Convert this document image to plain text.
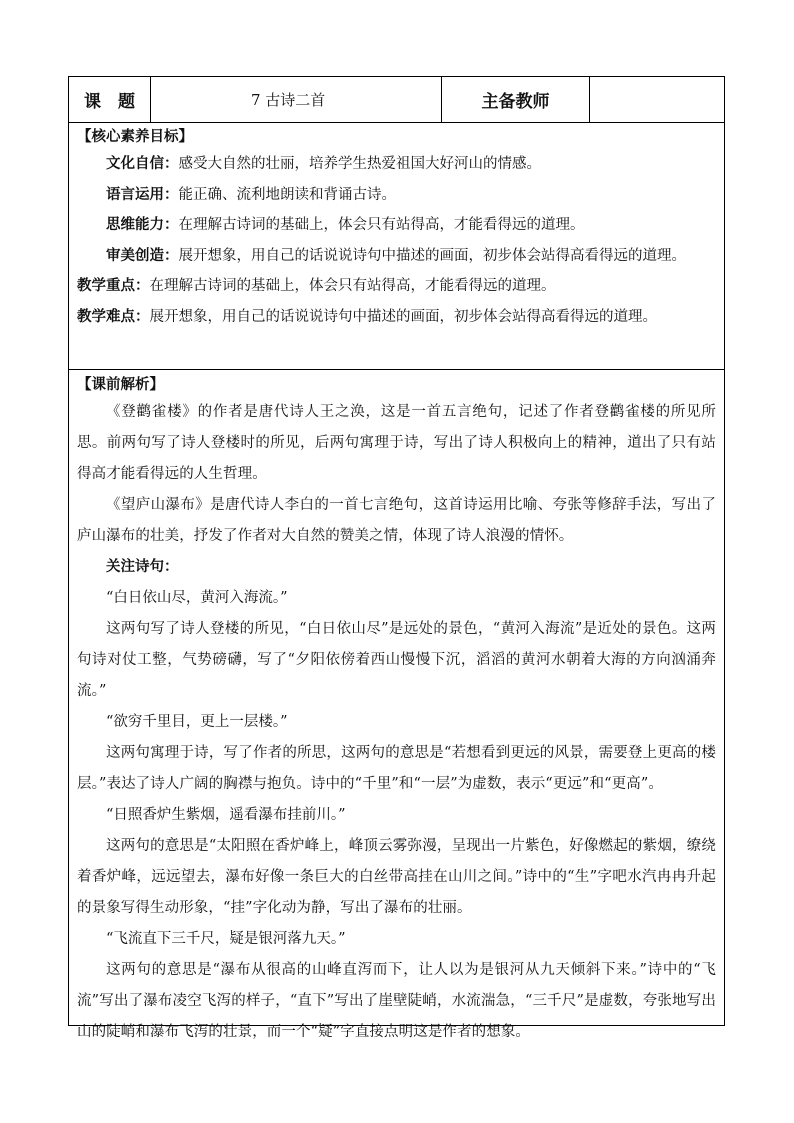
课　题	7 古诗二首	主备教师

【核心素养目标】

文化自信：感受大自然的壮丽，培养学生热爱祖国大好河山的情感。

语言运用：能正确、流利地朗读和背诵古诗。

思维能力：在理解古诗词的基础上，体会只有站得高，才能看得远的道理。

审美创造：展开想象，用自己的话说说诗句中描述的画面，初步体会站得高看得远的道理。

教学重点：在理解古诗词的基础上，体会只有站得高，才能看得远的道理。

教学难点：展开想象，用自己的话说说诗句中描述的画面，初步体会站得高看得远的道理。

【课前解析】

《登鹳雀楼》的作者是唐代诗人王之涣，这是一首五言绝句，记述了作者登鹳雀楼的所见所思。前两句写了诗人登楼时的所见，后两句寓理于诗，写出了诗人积极向上的精神，道出了只有站得高才能看得远的人生哲理。

《望庐山瀑布》是唐代诗人李白的一首七言绝句，这首诗运用比喻、夸张等修辞手法，写出了庐山瀑布的壮美，抒发了作者对大自然的赞美之情，体现了诗人浪漫的情怀。

关注诗句：

“白日依山尽，黄河入海流。”

这两句写了诗人登楼的所见，“白日依山尽”是远处的景色，“黄河入海流”是近处的景色。这两句诗对仗工整，气势磅礴，写了“夕阳依傍着西山慢慢下沉，滔滔的黄河水朝着大海的方向汹涌奔流。”

“欲穷千里目，更上一层楼。”

这两句寓理于诗，写了作者的所思，这两句的意思是“若想看到更远的风景，需要登上更高的楼层。”表达了诗人广阔的胸襟与抱负。诗中的“千里”和“一层”为虚数，表示“更远”和“更高”。

“日照香炉生紫烟，遥看瀑布挂前川。”

这两句的意思是“太阳照在香炉峰上，峰顶云雾弥漫，呈现出一片紫色，好像燃起的紫烟，缭绕着香炉峰，远远望去，瀑布好像一条巨大的白丝带高挂在山川之间。”诗中的“生”字吧水汽冉冉升起的景象写得生动形象，“挂”字化动为静，写出了瀑布的壮丽。

“飞流直下三千尺，疑是银河落九天。”

这两句的意思是“瀑布从很高的山峰直泻而下，让人以为是银河从九天倾斜下来。”诗中的“飞流”写出了瀑布凌空飞泻的样子，“直下”写出了崖壁陡峭，水流湍急，“三千尺”是虚数，夸张地写出山的陡峭和瀑布飞泻的壮景，而一个“疑”字直接点明这是作者的想象。
